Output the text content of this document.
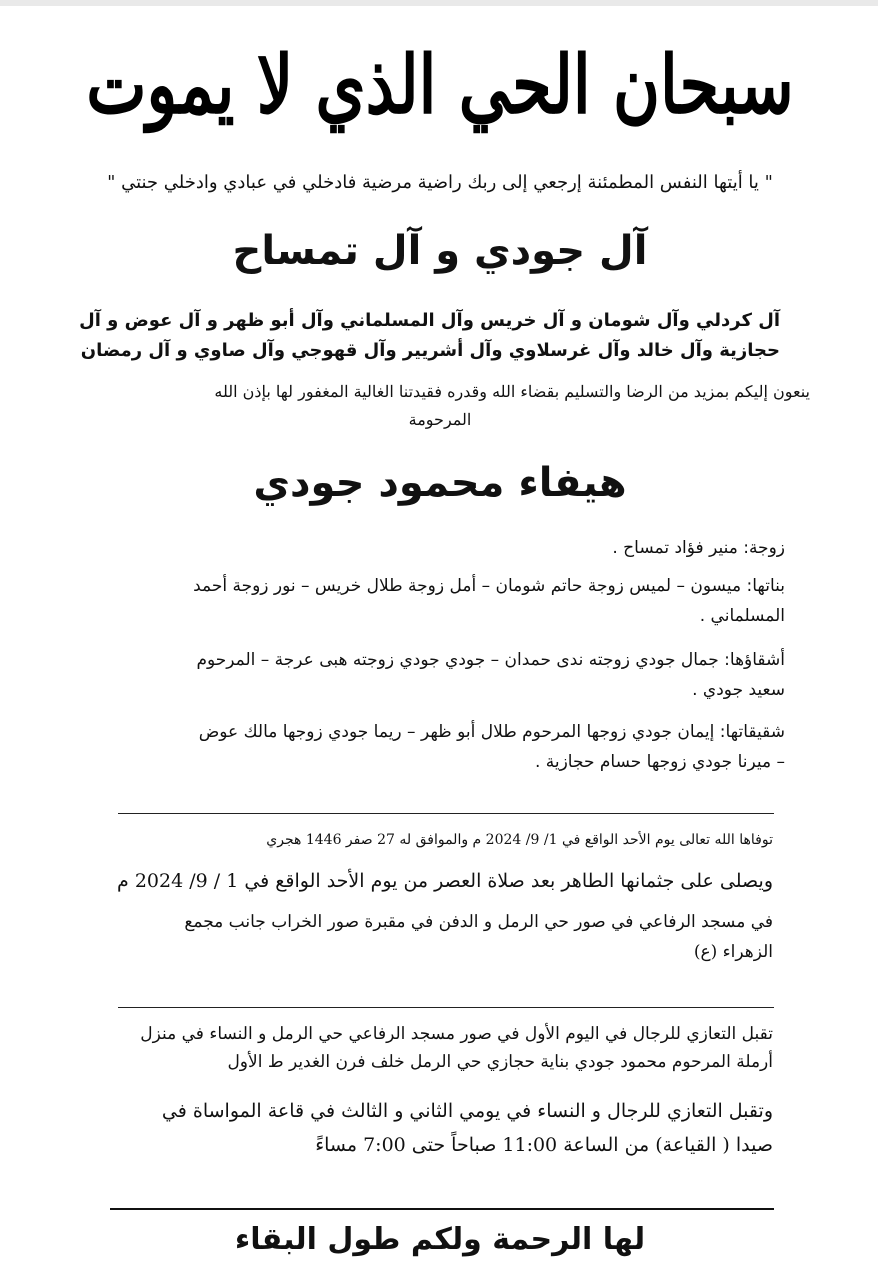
سبحان الحي الذي لا يموت
" يا أيتها النفس المطمئنة إرجعي إلى ربك راضية مرضية فادخلي في عبادي وادخلي جنتي "
آل جودي و آل تمساح
آل كردلي وآل شومان و آل خريس وآل المسلماني وآل أبو ظهر و آل عوض و آل
حجازية وآل خالد وآل غرسلاوي وآل أشريير وآل قهوجي وآل صاوي و آل رمضان
ينعون إليكم بمزيد من الرضا والتسليم بقضاء الله وقدره فقيدتنا الغالية المغفور لها بإذن الله
المرحومة
هيفاء محمود جودي
زوجة: منير فؤاد تمساح .
بناتها: ميسون – لميس زوجة حاتم شومان – أمل زوجة طلال خريس – نور زوجة أحمد
المسلماني .
أشقاؤها: جمال جودي زوجته ندى حمدان – جودي جودي زوجته هبى عرجة – المرحوم
سعيد جودي .
شقيقاتها: إيمان جودي زوجها المرحوم طلال أبو ظهر – ريما جودي زوجها مالك عوض
– ميرنا جودي زوجها حسام حجازية .
توفاها الله تعالى يوم الأحد الواقع في 1/ 9/ 2024 م والموافق له 27 صفر 1446 هجري
ويصلى على جثمانها الطاهر بعد صلاة العصر من يوم الأحد الواقع في 1 / 9/ 2024 م
في مسجد الرفاعي في صور حي الرمل و الدفن في مقبرة صور الخراب جانب مجمع
الزهراء (ع)
تقبل التعازي للرجال في اليوم الأول في صور مسجد الرفاعي حي الرمل و النساء في منزل
أرملة المرحوم محمود جودي بناية حجازي حي الرمل خلف فرن الغدير ط الأول
وتقبل التعازي للرجال و النساء في يومي الثاني و الثالث في قاعة المواساة في
صيدا ( القياعة) من الساعة 11:00 صباحاً حتى 7:00 مساءً
لها الرحمة ولكم طول البقاء
